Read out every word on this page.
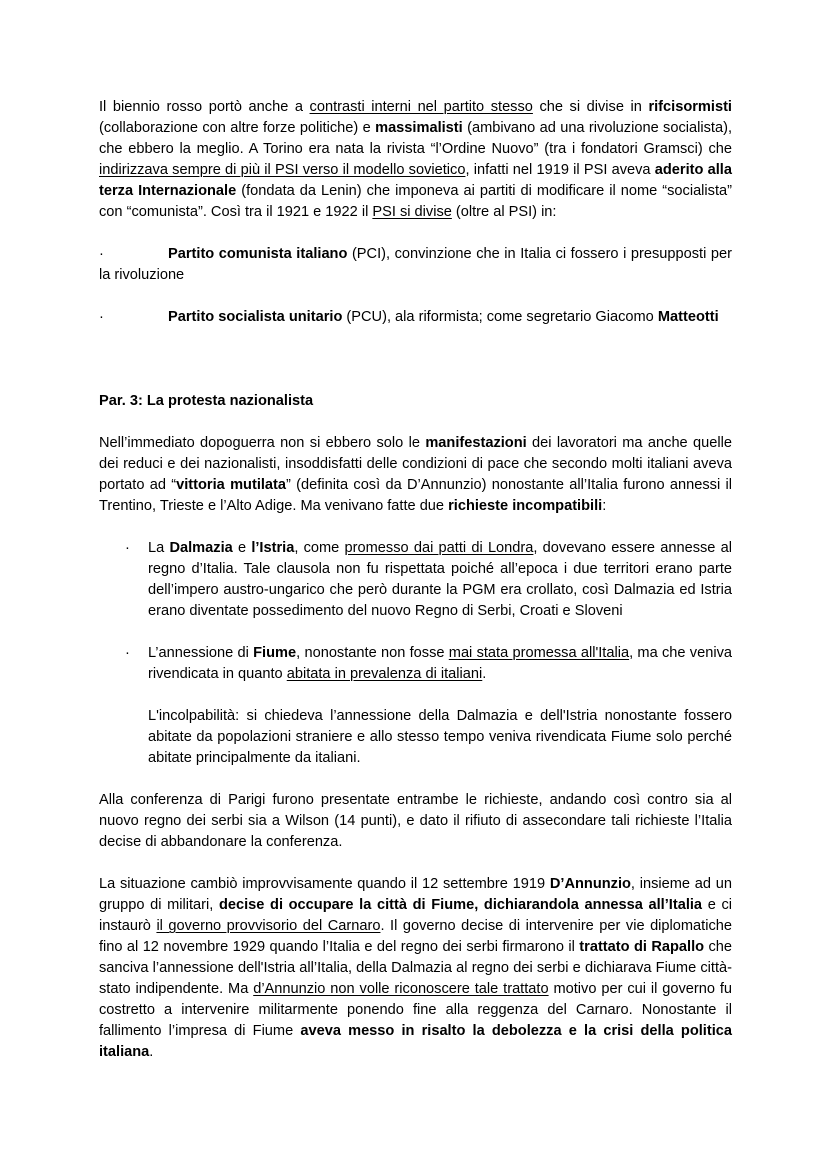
Il biennio rosso portò anche a contrasti interni nel partito stesso che si divise in rifcisormisti (collaborazione con altre forze politiche) e massimalisti (ambivano ad una rivoluzione socialista), che ebbero la meglio. A Torino era nata la rivista “l’Ordine Nuovo” (tra i fondatori Gramsci) che indirizzava sempre di più il PSI verso il modello sovietico, infatti nel 1919 il PSI aveva aderito alla terza Internazionale (fondata da Lenin) che imponeva ai partiti di modificare il nome “socialista” con “comunista”. Così tra il 1921 e 1922 il PSI si divise (oltre al PSI) in:
·	Partito comunista italiano (PCI), convinzione che in Italia ci fossero i presupposti per la rivoluzione
·	Partito socialista unitario (PCU), ala riformista; come segretario Giacomo Matteotti
Par. 3: La protesta nazionalista
Nell’immediato dopoguerra non si ebbero solo le manifestazioni dei lavoratori ma anche quelle dei reduci e dei nazionalisti, insoddisfatti delle condizioni di pace che secondo molti italiani aveva portato ad “vittoria mutilata” (definita così da D’Annunzio) nonostante all’Italia furono annessi il Trentino, Trieste e l’Alto Adige. Ma venivano fatte due richieste incompatibili:
· La Dalmazia e l’Istria, come promesso dai patti di Londra, dovevano essere annesse al regno d’Italia. Tale clausola non fu rispettata poiché all’epoca i due territori erano parte dell’impero austro-ungarico che però durante la PGM era crollato, così Dalmazia ed Istria erano diventate possedimento del nuovo Regno di Serbi, Croati e Sloveni
· L’annessione di Fiume, nonostante non fosse mai stata promessa all'Italia, ma che veniva rivendicata in quanto abitata in prevalenza di italiani.
L'incolpabilità: si chiedeva l’annessione della Dalmazia e dell'Istria nonostante fossero abitate da popolazioni straniere e allo stesso tempo veniva rivendicata Fiume solo perché abitate principalmente da italiani.
Alla conferenza di Parigi furono presentate entrambe le richieste, andando così contro sia al nuovo regno dei serbi sia a Wilson (14 punti), e dato il rifiuto di assecondare tali richieste l’Italia decise di abbandonare la conferenza.
La situazione cambiò improvvisamente quando il 12 settembre 1919 D’Annunzio, insieme ad un gruppo di militari, decise di occupare la città di Fiume, dichiarandola annessa all’Italia e ci instaurò il governo provvisorio del Carnaro. Il governo decise di intervenire per vie diplomatiche fino al 12 novembre 1929 quando l’Italia e del regno dei serbi firmarono il trattato di Rapallo che sanciva l’annessione dell'Istria all’Italia, della Dalmazia al regno dei serbi e dichiarava Fiume città-stato indipendente. Ma d’Annunzio non volle riconoscere tale trattato motivo per cui il governo fu costretto a intervenire militarmente ponendo fine alla reggenza del Carnaro. Nonostante il fallimento l’impresa di Fiume aveva messo in risalto la debolezza e la crisi della politica italiana.
